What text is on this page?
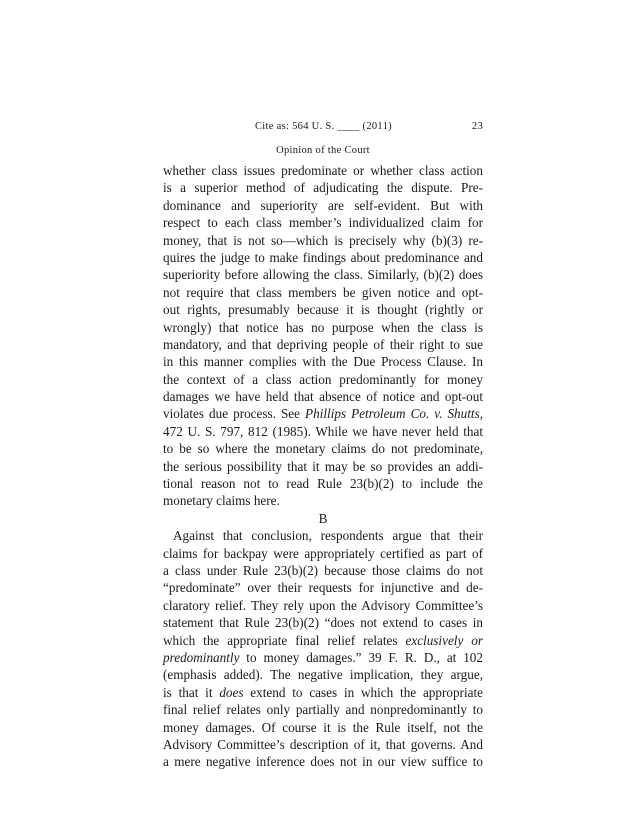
Cite as: 564 U. S. ____ (2011)	23
Opinion of the Court
whether class issues predominate or whether class action
is a superior method of adjudicating the dispute. Pre-
dominance and superiority are self-evident. But with
respect to each class member’s individualized claim for
money, that is not so—which is precisely why (b)(3) re-
quires the judge to make findings about predominance and
superiority before allowing the class. Similarly, (b)(2) does
not require that class members be given notice and opt-
out rights, presumably because it is thought (rightly or
wrongly) that notice has no purpose when the class is
mandatory, and that depriving people of their right to sue
in this manner complies with the Due Process Clause. In
the context of a class action predominantly for money
damages we have held that absence of notice and opt-out
violates due process. See Phillips Petroleum Co. v. Shutts,
472 U. S. 797, 812 (1985). While we have never held that
to be so where the monetary claims do not predominate,
the serious possibility that it may be so provides an addi-
tional reason not to read Rule 23(b)(2) to include the
monetary claims here.
B
Against that conclusion, respondents argue that their
claims for backpay were appropriately certified as part of
a class under Rule 23(b)(2) because those claims do not
“predominate” over their requests for injunctive and de-
claratory relief. They rely upon the Advisory Committee’s
statement that Rule 23(b)(2) “does not extend to cases in
which the appropriate final relief relates exclusively or
predominantly to money damages.” 39 F. R. D., at 102
(emphasis added). The negative implication, they argue,
is that it does extend to cases in which the appropriate
final relief relates only partially and nonpredominantly to
money damages. Of course it is the Rule itself, not the
Advisory Committee’s description of it, that governs. And
a mere negative inference does not in our view suffice to
